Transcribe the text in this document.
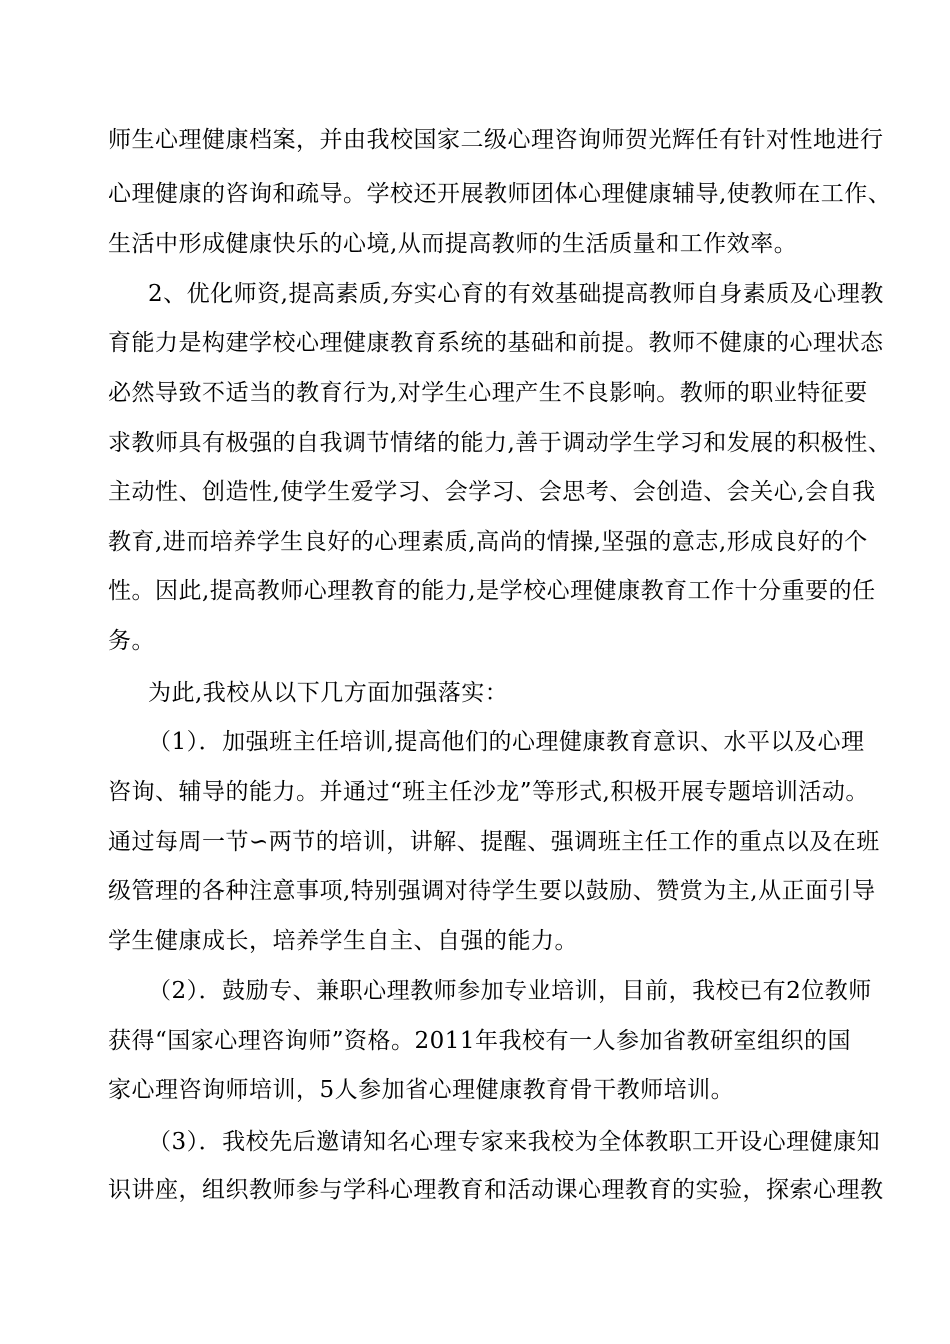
师生心理健康档案，并由我校国家二级心理咨询师贺光辉任有针对性地进行
心理健康的咨询和疏导。学校还开展教师团体心理健康辅导,使教师在工作、
生活中形成健康快乐的心境,从而提高教师的生活质量和工作效率。
2、优化师资,提高素质,夯实心育的有效基础提高教师自身素质及心理教
育能力是构建学校心理健康教育系统的基础和前提。教师不健康的心理状态
必然导致不适当的教育行为,对学生心理产生不良影响。教师的职业特征要
求教师具有极强的自我调节情绪的能力,善于调动学生学习和发展的积极性、
主动性、创造性,使学生爱学习、会学习、会思考、会创造、会关心,会自我
教育,进而培养学生良好的心理素质,高尚的情操,坚强的意志,形成良好的个
性。因此,提高教师心理教育的能力,是学校心理健康教育工作十分重要的任
务。
为此,我校从以下几方面加强落实：
（1）．加强班主任培训,提高他们的心理健康教育意识、水平以及心理
咨询、辅导的能力。并通过“班主任沙龙”等形式,积极开展专题培训活动。
通过每周一节∽两节的培训，讲解、提醒、强调班主任工作的重点以及在班
级管理的各种注意事项,特别强调对待学生要以鼓励、赞赏为主,从正面引导
学生健康成长，培养学生自主、自强的能力。
（2）．鼓励专、兼职心理教师参加专业培训，目前，我校已有2位教师
获得“国家心理咨询师”资格。2011年我校有一人参加省教研室组织的国
家心理咨询师培训，5人参加省心理健康教育骨干教师培训。
（3）．我校先后邀请知名心理专家来我校为全体教职工开设心理健康知
识讲座，组织教师参与学科心理教育和活动课心理教育的实验，探索心理教
